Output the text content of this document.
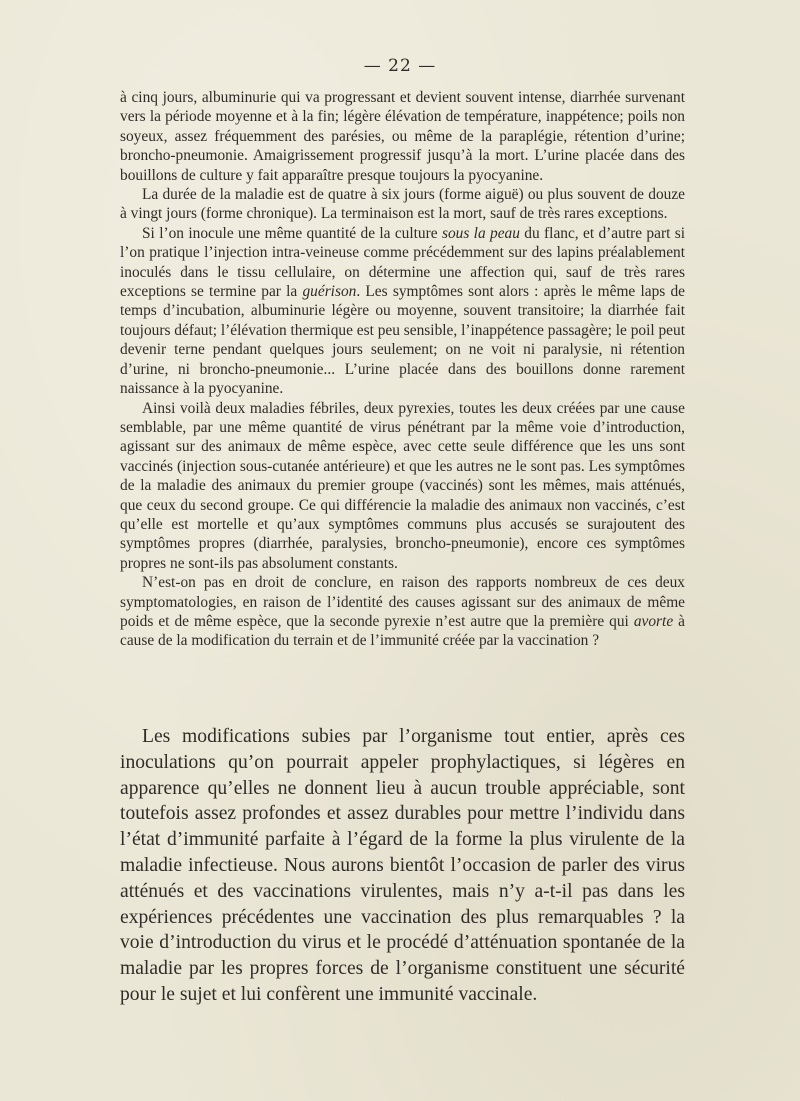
— 22 —

à cinq jours, albuminurie qui va progressant et devient souvent intense, diarrhée survenant vers la période moyenne et à la fin; légère élévation de température, inappétence; poils non soyeux, assez fréquemment des parésies, ou même de la paraplégie, rétention d’urine; broncho-pneumonie. Amaigrissement progressif jusqu’à la mort. L’urine placée dans des bouillons de culture y fait apparaître presque toujours la pyocyanine.

La durée de la maladie est de quatre à six jours (forme aiguë) ou plus souvent de douze à vingt jours (forme chronique). La terminaison est la mort, sauf de très rares exceptions.

Si l’on inocule une même quantité de la culture sous la peau du flanc, et d’autre part si l’on pratique l’injection intra-veineuse comme précédemment sur des lapins préalablement inoculés dans le tissu cellulaire, on détermine une affection qui, sauf de très rares exceptions se termine par la guérison. Les symptômes sont alors : après le même laps de temps d’incubation, albuminurie légère ou moyenne, souvent transitoire; la diarrhée fait toujours défaut; l’élévation thermique est peu sensible, l’inappétence passagère; le poil peut devenir terne pendant quelques jours seulement; on ne voit ni paralysie, ni rétention d’urine, ni broncho-pneumonie... L’urine placée dans des bouillons donne rarement naissance à la pyocyanine.

Ainsi voilà deux maladies fébriles, deux pyrexies, toutes les deux créées par une cause semblable, par une même quantité de virus pénétrant par la même voie d’introduction, agissant sur des animaux de même espèce, avec cette seule différence que les uns sont vaccinés (injection sous-cutanée antérieure) et que les autres ne le sont pas. Les symptômes de la maladie des animaux du premier groupe (vaccinés) sont les mêmes, mais atténués, que ceux du second groupe. Ce qui différencie la maladie des animaux non vaccinés, c’est qu’elle est mortelle et qu’aux symptômes communs plus accusés se surajoutent des symptômes propres (diarrhée, paralysies, broncho-pneumonie), encore ces symptômes propres ne sont-ils pas absolument constants.

N’est-on pas en droit de conclure, en raison des rapports nombreux de ces deux symptomatologies, en raison de l’identité des causes agissant sur des animaux de même poids et de même espèce, que la seconde pyrexie n’est autre que la première qui avorte à cause de la modification du terrain et de l’immunité créée par la vaccination ?

Les modifications subies par l’organisme tout entier, après ces inoculations qu’on pourrait appeler prophylactiques, si légères en apparence qu’elles ne donnent lieu à aucun trouble appréciable, sont toutefois assez profondes et assez durables pour mettre l’individu dans l’état d’immunité parfaite à l’égard de la forme la plus virulente de la maladie infectieuse. Nous aurons bientôt l’occasion de parler des virus atténués et des vaccinations virulentes, mais n’y a-t-il pas dans les expériences précédentes une vaccination des plus remarquables ? la voie d’introduction du virus et le procédé d’atténuation spontanée de la maladie par les propres forces de l’organisme constituent une sécurité pour le sujet et lui confèrent une immunité vaccinale.
